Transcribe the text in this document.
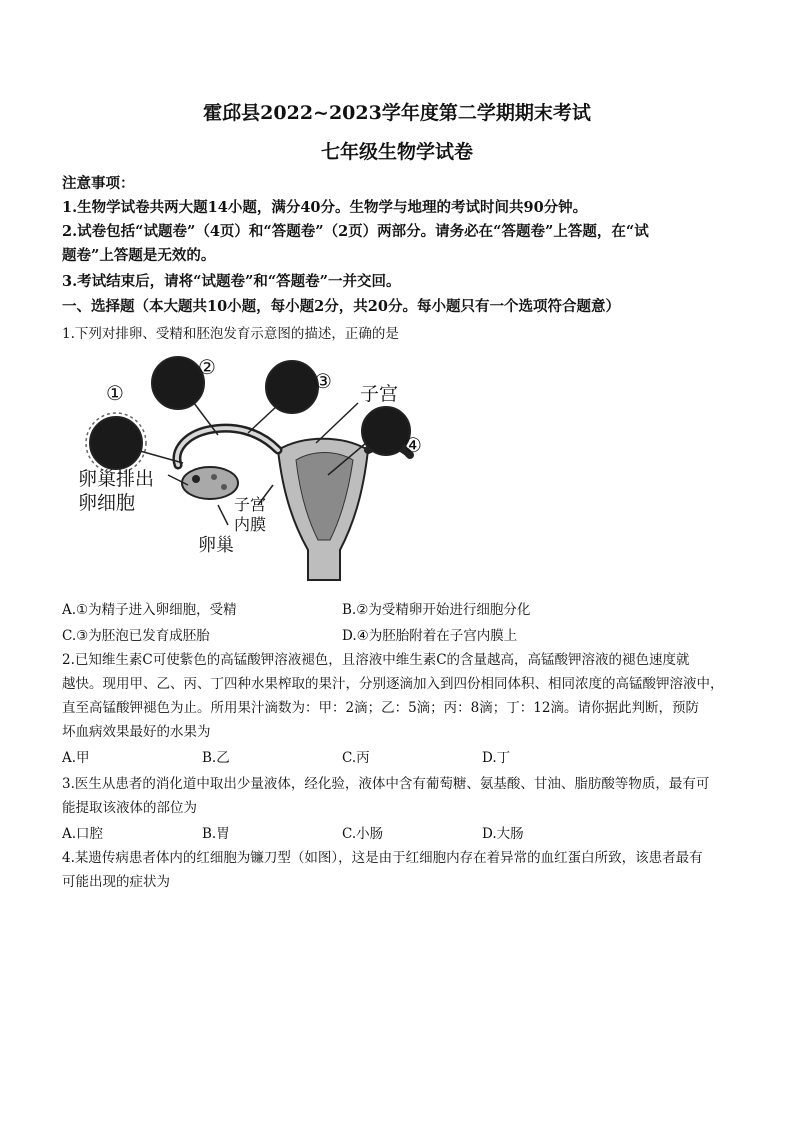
霍邱县2022~2023学年度第二学期期末考试
七年级生物学试卷
注意事项：
1.生物学试卷共两大题14小题，满分40分。生物学与地理的考试时间共90分钟。
2.试卷包括“试题卷”（4页）和“答题卷”（2页）两部分。请务必在“答题卷”上答题，在“试
题卷”上答题是无效的。
3.考试结束后，请将“试题卷”和“答题卷”一并交回。
一、选择题（本大题共10小题，每小题2分，共20分。每小题只有一个选项符合题意）
1.下列对排卵、受精和胚泡发育示意图的描述，正确的是
①
②
③
④
子宫
卵巢排出
卵细胞	子宫
内膜
卵巢
A.①为精子进入卵细胞，受精	B.②为受精卵开始进行细胞分化
C.③为胚泡已发育成胚胎	D.④为胚胎附着在子宫内膜上
2.已知维生素C可使紫色的高锰酸钾溶液褪色，且溶液中维生素C的含量越高，高锰酸钾溶液的褪色速度就
越快。现用甲、乙、丙、丁四种水果榨取的果汁，分别逐滴加入到四份相同体积、相同浓度的高锰酸钾溶液中，
直至高锰酸钾褪色为止。所用果汁滴数为：甲：2滴；乙：5滴；丙：8滴；丁：12滴。请你据此判断，预防
坏血病效果最好的水果为
A.甲	B.乙	C.丙	D.丁
3.医生从患者的消化道中取出少量液体，经化验，液体中含有葡萄糖、氨基酸、甘油、脂肪酸等物质，最有可
能提取该液体的部位为
A.口腔	B.胃	C.小肠	D.大肠
4.某遗传病患者体内的红细胞为镰刀型（如图），这是由于红细胞内存在着异常的血红蛋白所致，该患者最有
可能出现的症状为
